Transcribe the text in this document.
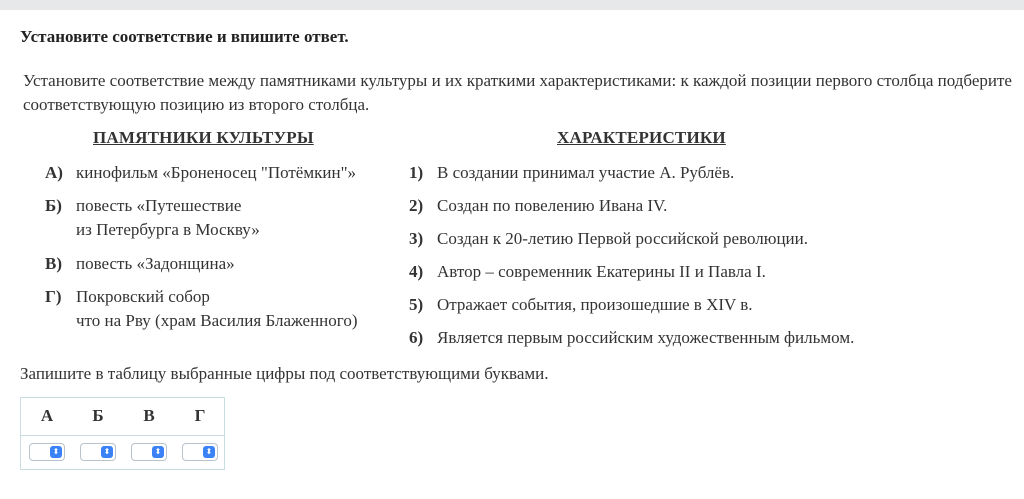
Установите соответствие и впишите ответ.
Установите соответствие между памятниками культуры и их краткими характеристиками: к каждой позиции первого столбца подберите соответствующую позицию из второго столбца.
ПАМЯТНИКИ КУЛЬТУРЫ	ХАРАКТЕРИСТИКИ
А) кинофильм «Броненосец "Потёмкин"»
Б) повесть «Путешествие
из Петербурга в Москву»
В) повесть «Задонщина»
Г) Покровский собор
что на Рву (храм Василия Блаженного)
1) В создании принимал участие А. Рублёв.
2) Создан по повелению Ивана IV.
3) Создан к 20-летию Первой российской революции.
4) Автор – современник Екатерины II и Павла I.
5) Отражает события, произошедшие в XIV в.
6) Является первым российским художественным фильмом.
Запишите в таблицу выбранные цифры под соответствующими буквами.
А	Б	В	Г
⬍	⬍	⬍	⬍
